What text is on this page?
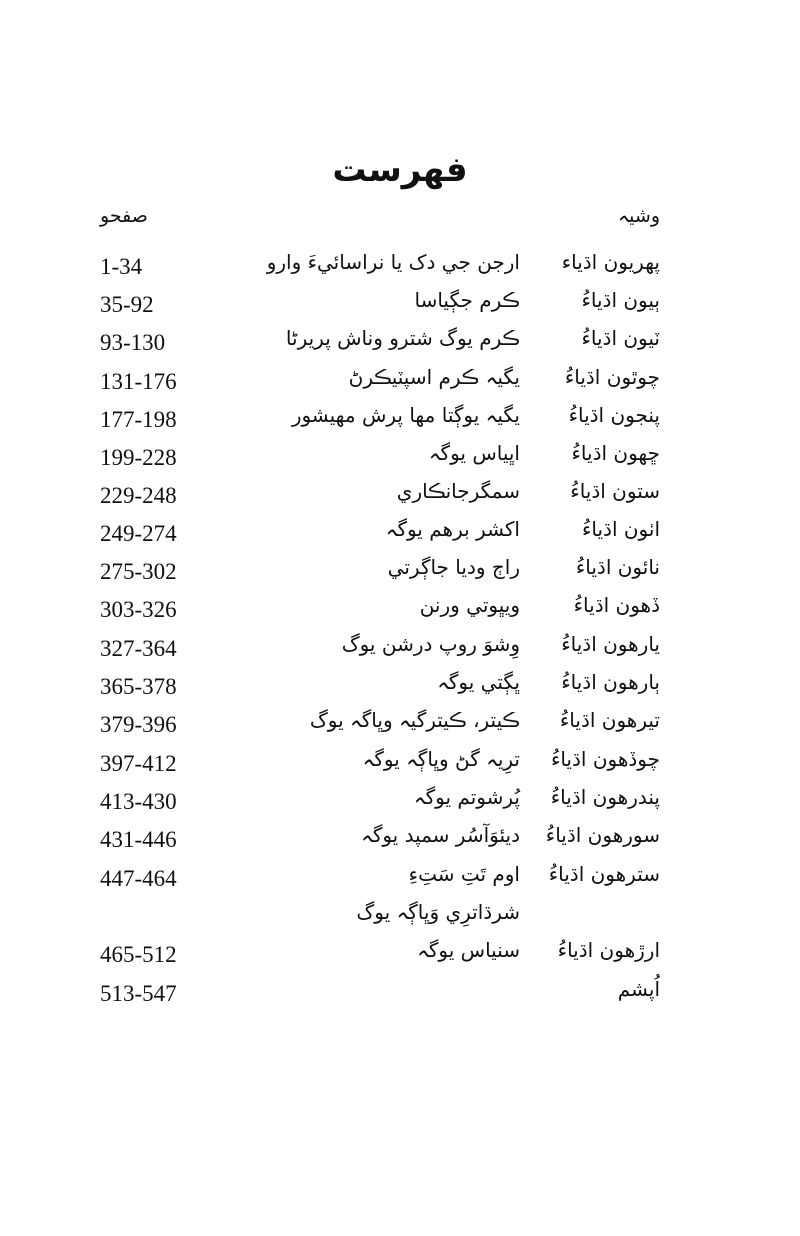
فهرست
وشيہ
صفحو
پهريون اڌياء
ارجن جي دک يا نراسائيءَ وارو
1-34
ٻيون اڌياءُ
ڪرم جڳياسا
35-92
ٽيون اڌياءُ
ڪرم يوگ شترو وناش پريرڻا
93-130
چوٿون اڌياءُ
يگيہ ڪرم اسپٽيڪرڻ
131-176
پنجون اڌياءُ
يگيہ يوڳتا مها پرش مهيشور
177-198
ڇهون اڌياءُ
اڀياس يوگہ
199-228
ستون اڌياءُ
سمگرجانڪاري
229-248
اٺون اڌياءُ
اکشر برهم يوگہ
249-274
نائون اڌياءُ
راڄ وديا جاڳرتي
275-302
ڏهون اڌياءُ
ويڀوتي ورنن
303-326
يارهون اڌياءُ
وِشوَ روپ درشن يوگ
327-364
ٻارهون اڌياءُ
ڀڳتي يوگہ
365-378
تيرهون اڌياءُ
ڪيتر، ڪيترگيہ وڀاگہ يوگ
379-396
چوڏهون اڌياءُ
ترِيہ گڻ وڀاڳہ يوگہ
397-412
پندرهون اڌياءُ
پُرشوتم يوگہ
413-430
سورهون اڌياءُ
ديئوَآسُر سمپد يوگہ
431-446
سترهون اڌياءُ
اوم تَتِ سَتِءِ
447-464
شرڌاترِي وَڀاڳہ يوگ
ارڙهون اڌياءُ
سنياس يوگہ
465-512
اُپشم
513-547
